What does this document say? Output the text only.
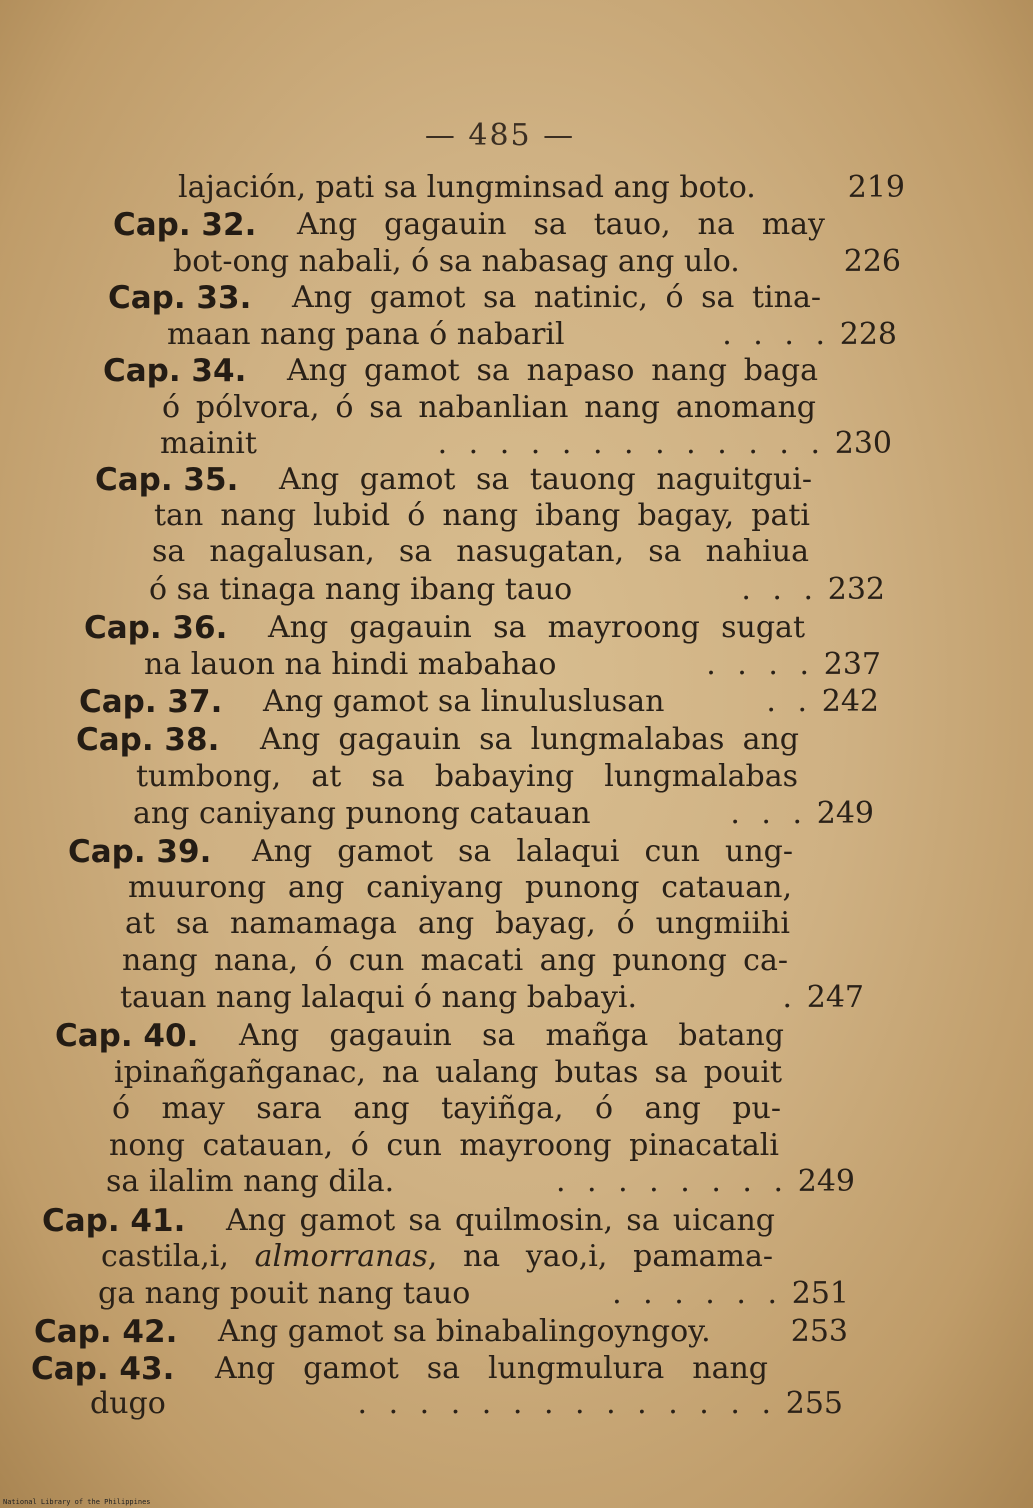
— 485 —
lajación, pati sa lungminsad ang boto.	219
Cap. 32. Ang gagauin sa tauo, na may
bot-ong nabali, ó sa nabasag ang ulo.	226
Cap. 33. Ang gamot sa natinic, ó sa tina-
maan nang pana ó nabaril	. . . . 228
Cap. 34. Ang gamot sa napaso nang baga
ó pólvora, ó sa nabanlian nang anomang
mainit	. . . . . . . . . . . . . 230
Cap. 35. Ang gamot sa tauong naguitgui-
tan nang lubid ó nang ibang bagay, pati
sa nagalusan, sa nasugatan, sa nahiua
ó sa tinaga nang ibang tauo	. . . 232
Cap. 36. Ang gagauin sa mayroong sugat
na lauon na hindi mabahao	. . . . 237
Cap. 37. Ang gamot sa linuluslusan	. . 242
Cap. 38. Ang gagauin sa lungmalabas ang
tumbong, at sa babaying lungmalabas
ang caniyang punong catauan	. . . 249
Cap. 39. Ang gamot sa lalaqui cun ung-
muurong ang caniyang punong catauan,
at sa namamaga ang bayag, ó ungmiihi
nang nana, ó cun macati ang punong ca-
tauan nang lalaqui ó nang babayi.	. 247
Cap. 40. Ang gagauin sa mañga batang
ipinañgañganac, na ualang butas sa pouit
ó may sara ang tayiñga, ó ang pu-
nong catauan, ó cun mayroong pinacatali
sa ilalim nang dila.	. . . . . . . . 249
Cap. 41. Ang gamot sa quilmosin, sa uicang
castila,i, almorranas, na yao,i, pamama-
ga nang pouit nang tauo	. . . . . . 251
Cap. 42. Ang gamot sa binabalingoyngoy.	253
Cap. 43. Ang gamot sa lungmulura nang
dugo	. . . . . . . . . . . . . . 255
National Library of the Philippines
